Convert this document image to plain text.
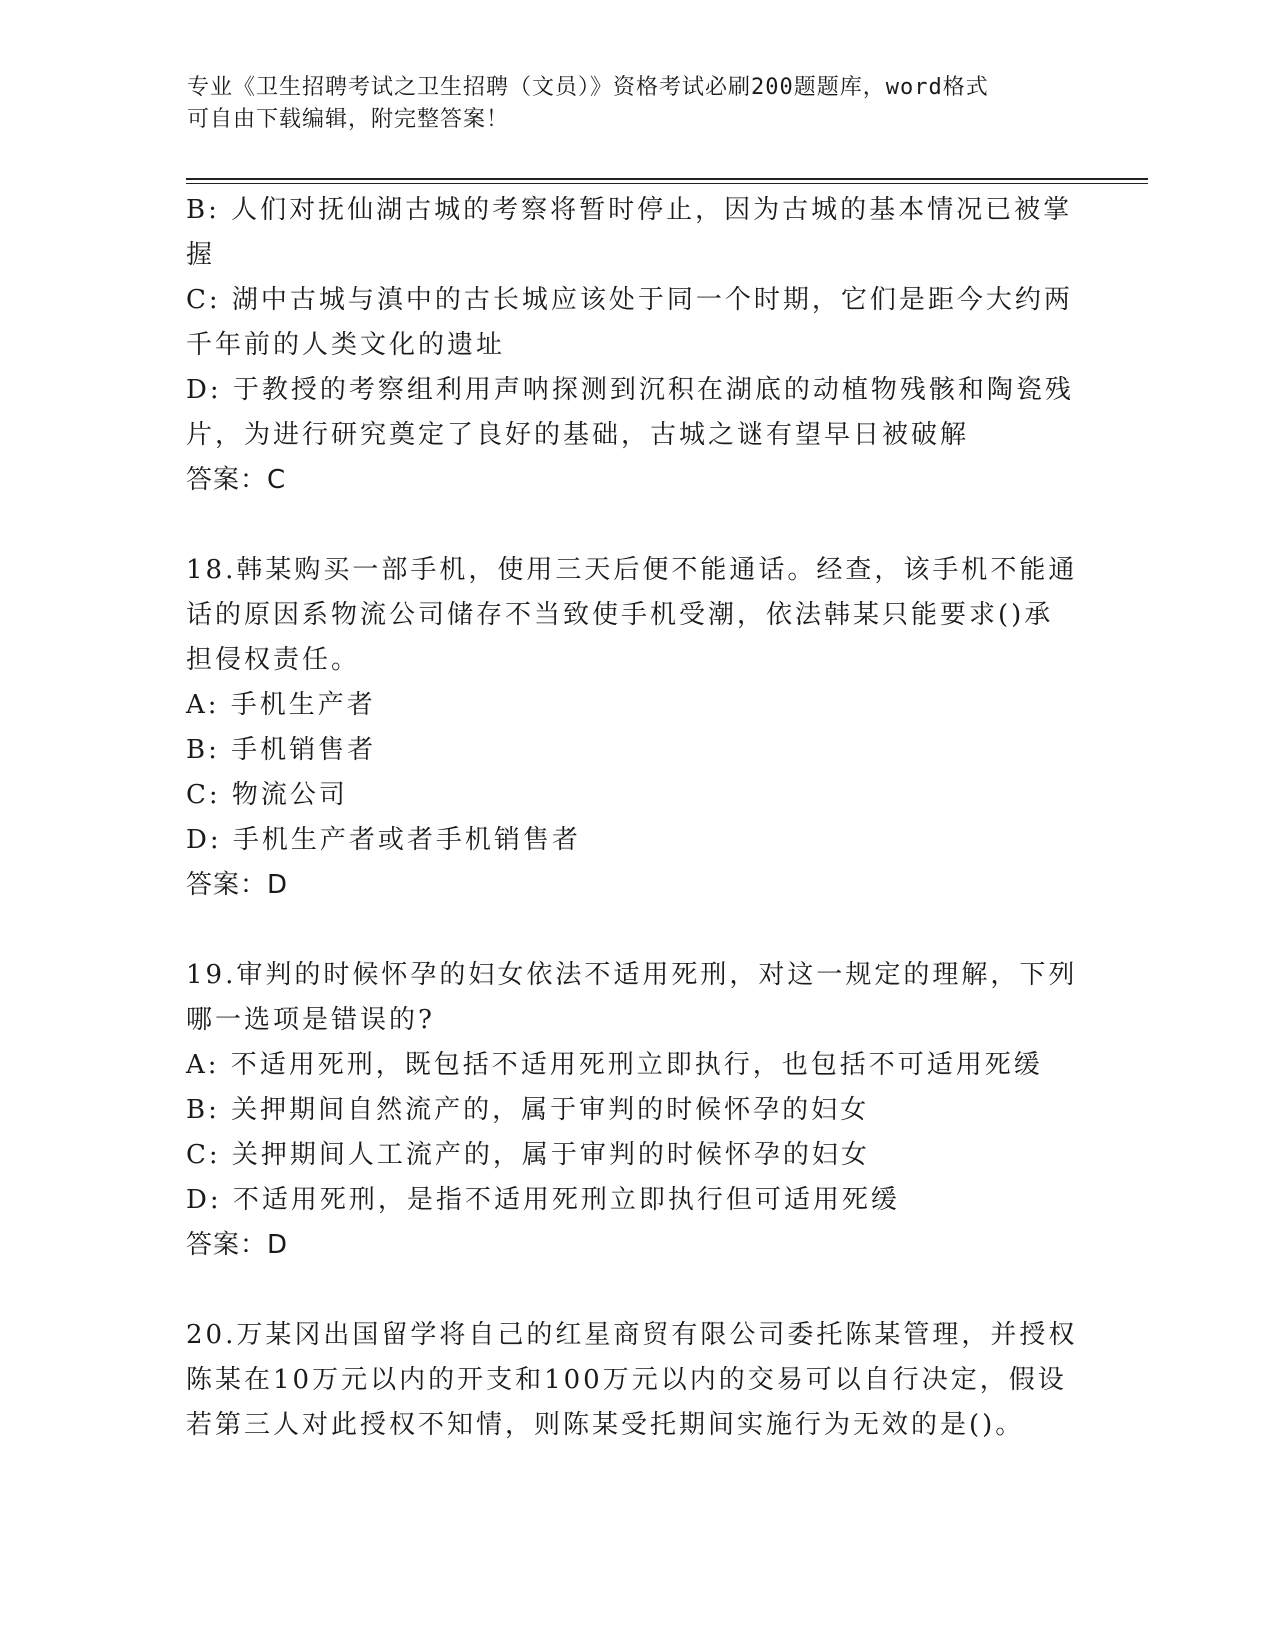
专业《卫生招聘考试之卫生招聘（文员）》资格考试必刷200题题库，word格式
可自由下载编辑，附完整答案！
B: 人们对抚仙湖古城的考察将暂时停止，因为古城的基本情况已被掌
握
C: 湖中古城与滇中的古长城应该处于同一个时期，它们是距今大约两
千年前的人类文化的遗址
D: 于教授的考察组利用声呐探测到沉积在湖底的动植物残骸和陶瓷残
片，为进行研究奠定了良好的基础，古城之谜有望早日被破解
答案：C
18.韩某购买一部手机，使用三天后便不能通话。经查，该手机不能通
话的原因系物流公司储存不当致使手机受潮，依法韩某只能要求()承
担侵权责任。
A: 手机生产者
B: 手机销售者
C: 物流公司
D: 手机生产者或者手机销售者
答案：D
19.审判的时候怀孕的妇女依法不适用死刑，对这一规定的理解，下列
哪一选项是错误的?
A: 不适用死刑，既包括不适用死刑立即执行，也包括不可适用死缓
B: 关押期间自然流产的，属于审判的时候怀孕的妇女
C: 关押期间人工流产的，属于审判的时候怀孕的妇女
D: 不适用死刑，是指不适用死刑立即执行但可适用死缓
答案：D
20.万某冈出国留学将自己的红星商贸有限公司委托陈某管理，并授权
陈某在10万元以内的开支和100万元以内的交易可以自行决定，假设
若第三人对此授权不知情，则陈某受托期间实施行为无效的是()。
